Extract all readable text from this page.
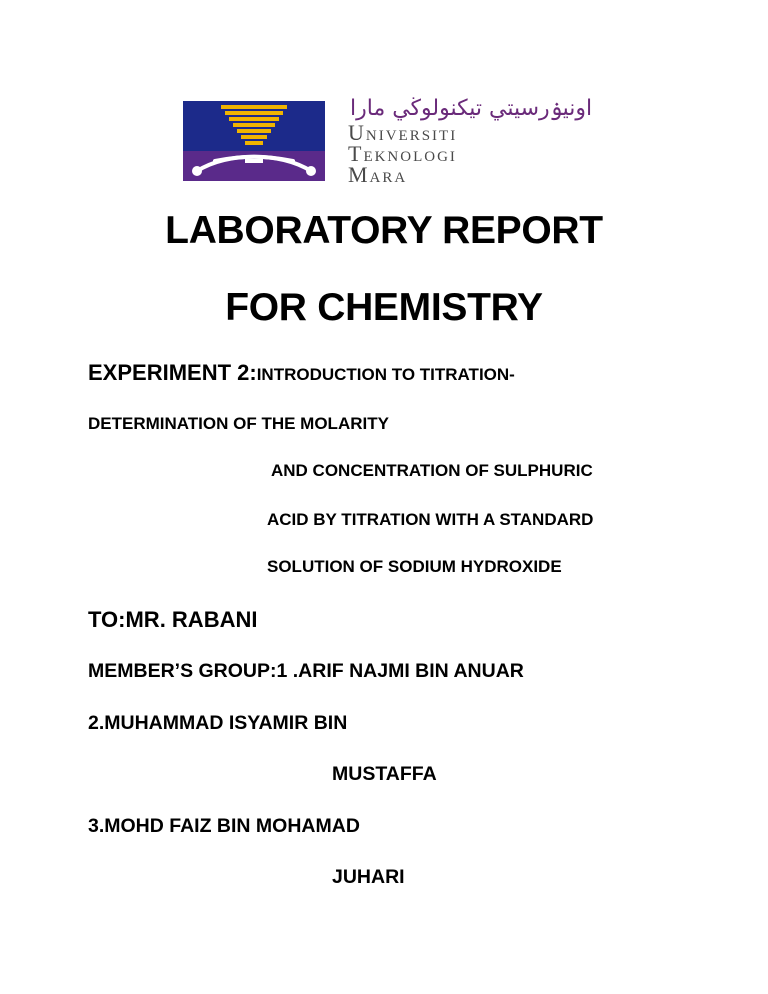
اونيۏرسيتي تيكنولوڬي مارا
Universiti
Teknologi
Mara
LABORATORY REPORT
FOR CHEMISTRY
EXPERIMENT 2:INTRODUCTION TO TITRATION-
DETERMINATION OF THE MOLARITY
AND CONCENTRATION OF SULPHURIC
ACID BY TITRATION WITH A STANDARD
SOLUTION OF SODIUM HYDROXIDE
TO:MR. RABANI
MEMBER’S GROUP:1 .ARIF NAJMI BIN ANUAR
2.MUHAMMAD ISYAMIR BIN
MUSTAFFA
3.MOHD FAIZ BIN MOHAMAD
JUHARI
